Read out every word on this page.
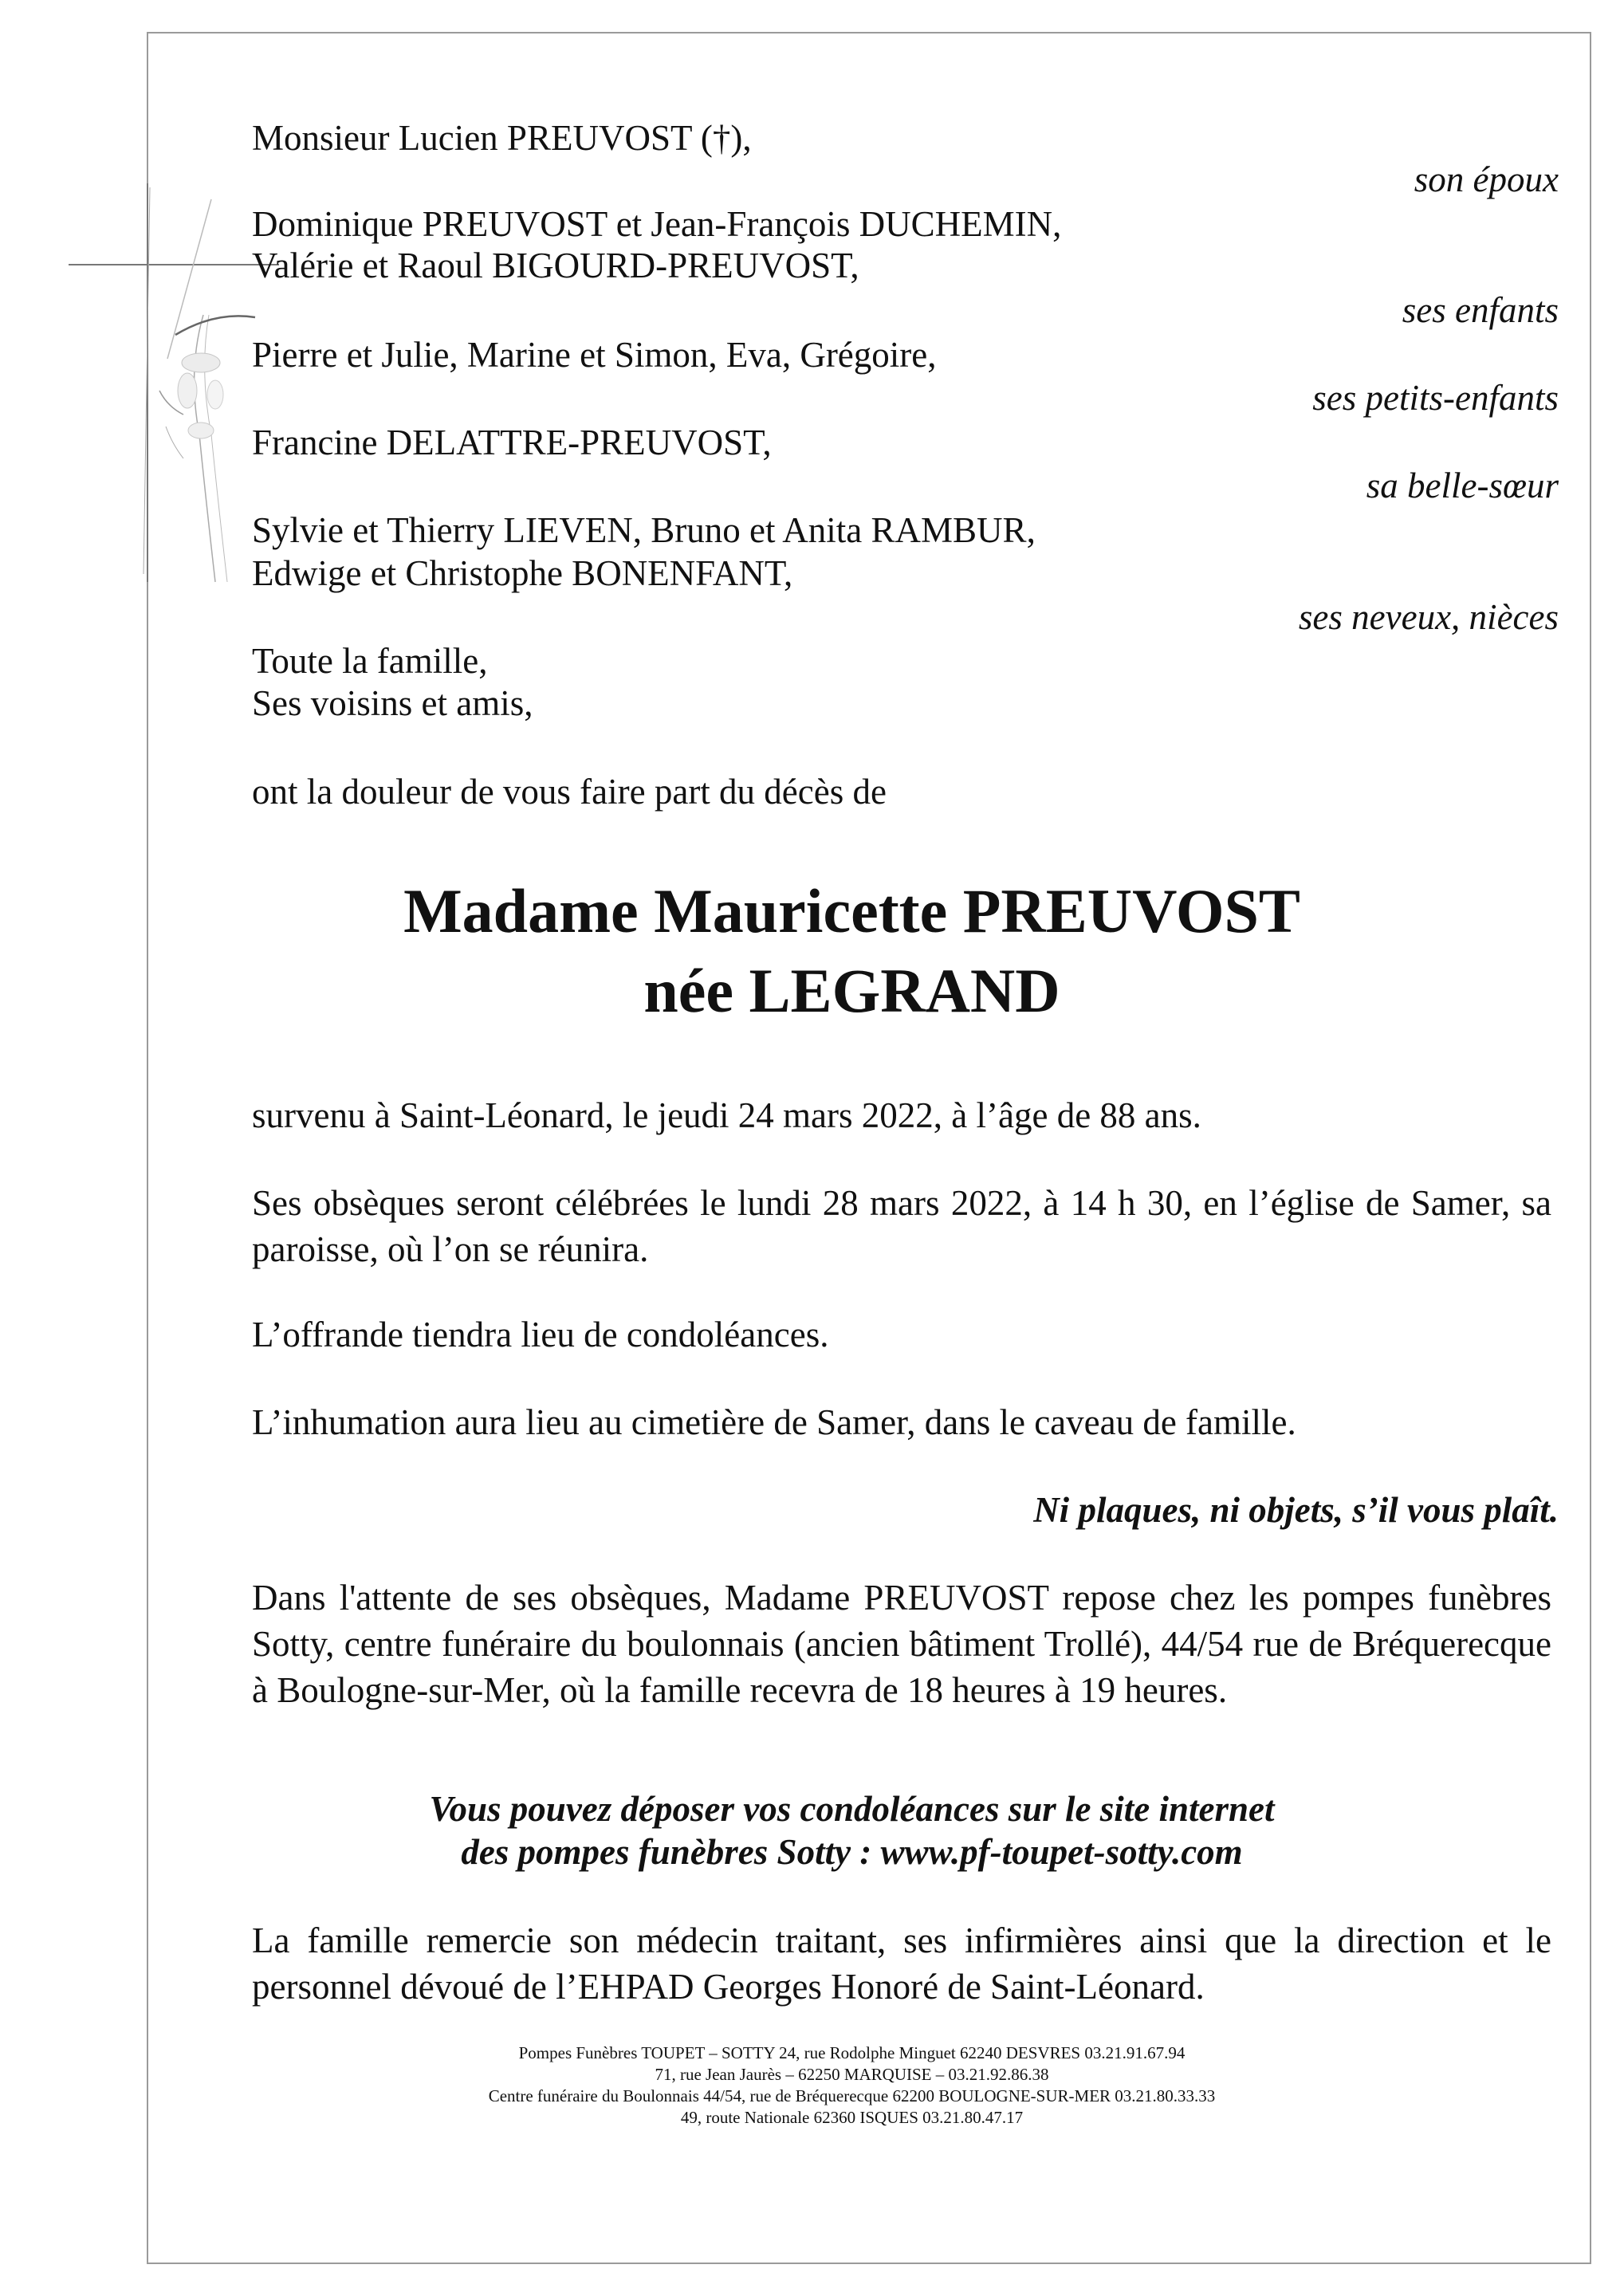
Monsieur Lucien PREUVOST (†),
Dominique PREUVOST et Jean-François DUCHEMIN,
Valérie et Raoul BIGOURD-PREUVOST,
Pierre et Julie, Marine et Simon, Eva, Grégoire,
Francine DELATTRE-PREUVOST,
Sylvie et Thierry LIEVEN, Bruno et Anita RAMBUR,
Edwige et Christophe BONENFANT,
Toute la famille,
Ses voisins et amis,
son époux
ses enfants
ses petits-enfants
sa belle-sœur
ses neveux, nièces
ont la douleur de vous faire part du décès de
Madame Mauricette PREUVOST
née LEGRAND
survenu à Saint-Léonard, le jeudi 24 mars 2022, à l’âge de 88 ans.
Ses obsèques seront célébrées le lundi 28 mars 2022, à 14 h 30, en l’église de Samer, sa paroisse, où l’on se réunira.
L’offrande tiendra lieu de condoléances.
L’inhumation aura lieu au cimetière de Samer, dans le caveau de famille.
Ni plaques, ni objets, s’il vous plaît.
Dans l'attente de ses obsèques, Madame PREUVOST repose chez les pompes funèbres Sotty, centre funéraire du boulonnais (ancien bâtiment Trollé), 44/54 rue de Bréquerecque à Boulogne-sur-Mer, où la famille recevra de 18 heures à 19 heures.
Vous pouvez déposer vos condoléances sur le site internet
des pompes funèbres Sotty : www.pf-toupet-sotty.com
La famille remercie son médecin traitant, ses infirmières ainsi que la direction et le personnel dévoué de l’EHPAD Georges Honoré de Saint-Léonard.
Pompes Funèbres TOUPET – SOTTY 24, rue Rodolphe Minguet 62240 DESVRES 03.21.91.67.94
71, rue Jean Jaurès – 62250 MARQUISE – 03.21.92.86.38
Centre funéraire du Boulonnais 44/54, rue de Bréquerecque 62200 BOULOGNE-SUR-MER 03.21.80.33.33
49, route Nationale 62360 ISQUES 03.21.80.47.17
